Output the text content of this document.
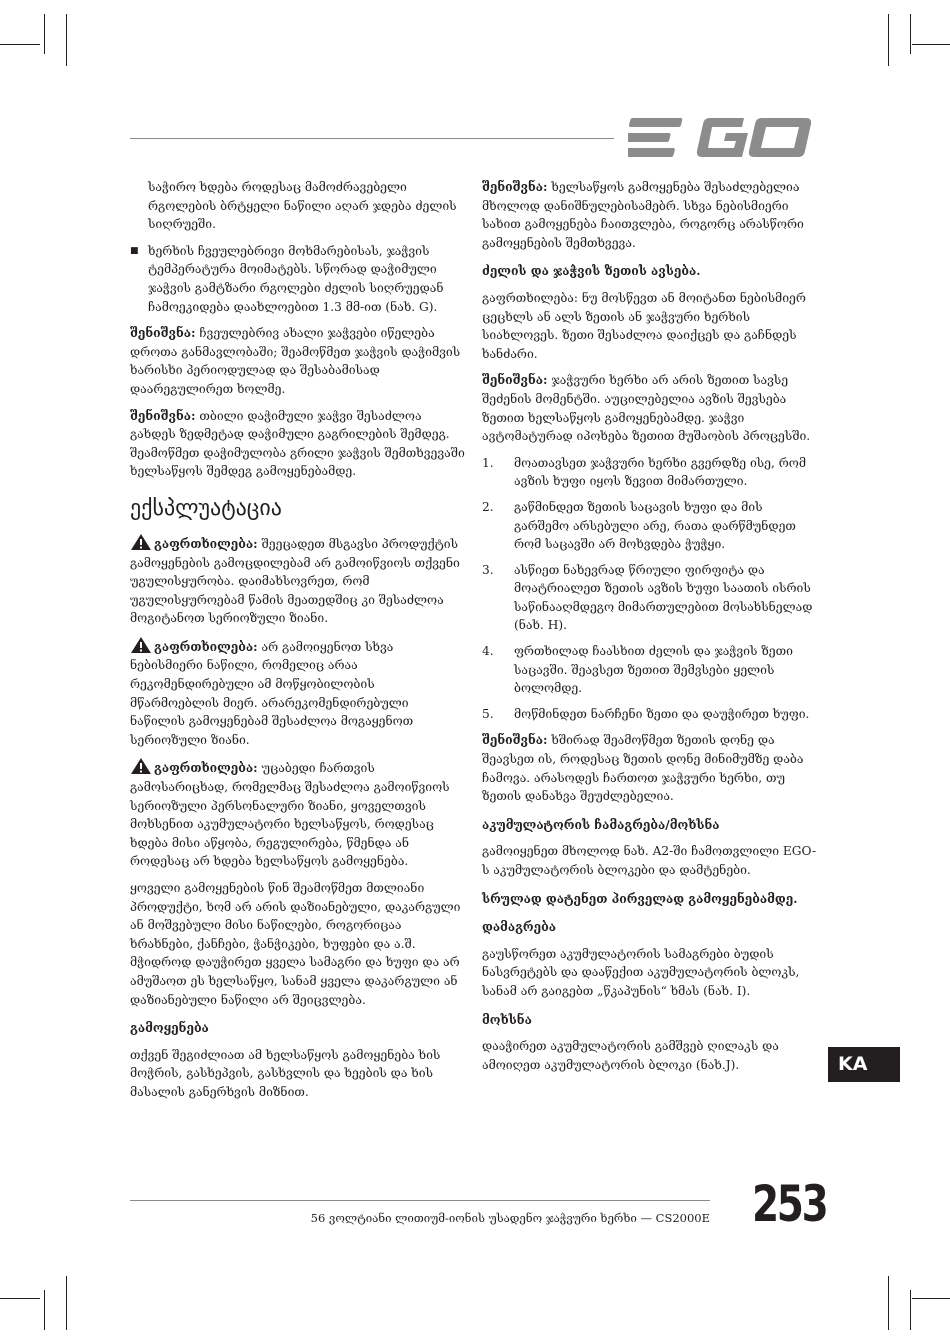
საჭირო ხდება როდესაც მამოძრავებელი რგოლების ბრტყელი ნაწილი აღარ ჯდება ძელის სიღრუეში.

■ ხერხის ჩვეულებრივი მოხმარებისას, ჯაჭვის ტემპერატურა მოიმატებს. სწორად დაჭიმული ჯაჭვის გამტზარი რგოლები ძელის სიღრუედან ჩამოეკიდება დაახლოებით 1.3 მმ-ით (ნახ. G).

შენიშვნა: ჩვეულებრივ ახალი ჯაჭვები იწელება დროთა განმავლობაში; შეამოწმეთ ჯაჭვის დაჭიმვის ხარისხი პერიოდულად და შესაბამისად დაარეგულირეთ ხოლმე.

შენიშვნა: თბილი დაჭიმული ჯაჭვი შესაძლოა გახდეს ზედმეტად დაჭიმული გაგრილების შემდეგ. შეამოწმეთ დაჭიმულობა გრილი ჯაჭვის შემთხვევაში ხელსაწყოს შემდეგ გამოყენებამდე.

ექსპლუატაცია

გაფრთხილება: შეეცადეთ მსგავსი პროდუქტის გამოყენების გამოცდილებამ არ გამოიწვიოს თქვენი უგულისყურობა. დაიმახსოვრეთ, რომ უგულისყუროებამ წამის მეათედშიც კი შესაძლოა მოგიტანოთ სერიოზული ზიანი.

გაფრთხილება: არ გამოიყენოთ სხვა ნებისმიერი ნაწილი, რომელიც არაა რეკომენდირებული ამ მოწყობილობის მწარმოებლის მიერ. არარეკომენდირებული ნაწილის გამოყენებამ შესაძლოა მოგაყენოთ სერიოზული ზიანი.

გაფრთხილება: უცაბედი ჩართვის გამოსარიცხად, რომელმაც შესაძლოა გამოიწვიოს სერიოზული პერსონალური ზიანი, ყოველთვის მოხსენით აკუმულატორი ხელსაწყოს, როდესაც ხდება მისი აწყობა, რეგულირება, წმენდა ან როდესაც არ ხდება ხელსაწყოს გამოყენება.

ყოველი გამოყენების წინ შეამოწმეთ მთლიანი პროდუქტი, ხომ არ არის დაზიანებული, დაკარგული ან მოშვებული მისი ნაწილები, როგორიცაა ხრახნები, ქანჩები, ჭანჭიკები, ხუფები და ა.შ. მჭიდროდ დაუჭირეთ ყველა სამაგრი და ხუფი და არ ამუშაოთ ეს ხელსაწყო, სანამ ყველა დაკარგული ან დაზიანებული ნაწილი არ შეიცვლება.

გამოყენება

თქვენ შეგიძლიათ ამ ხელსაწყოს გამოყენება ხის მოჭრის, გასხეპვის, გასხვლის და ხეების და ხის მასალის განერხვის მიზნით.

შენიშვნა: ხელსაწყოს გამოყენება შესაძლებელია მხოლოდ დანიშნულებისამებრ. სხვა ნებისმიერი სახით გამოყენება ჩაითვლება, როგორც არასწორი გამოყენების შემთხვევა.

ძელის და ჯაჭვის ზეთის ავსება.

გაფრთხილება: ნუ მოსწევთ ან მოიტანთ ნებისმიერ ცეცხლს ან ალს ზეთის ან ჯაჭვური ხერხის სიახლოვეს. ზეთი შესაძლოა დაიქცეს და გაჩნდეს ხანძარი.

შენიშვნა: ჯაჭვური ხერხი არ არის ზეთით სავსე შეძენის მომენტში. აუცილებელია ავზის შევსება ზეთით ხელსაწყოს გამოყენებამდე. ჯაჭვი ავტომატურად იპოხება ზეთით მუშაობის პროცესში.

1. მოათავსეთ ჯაჭვური ხერხი გვერდზე ისე, რომ ავზის ხუფი იყოს ზევით მიმართული.
2. გაწმინდეთ ზეთის საცავის ხუფი და მის გარშემო არსებული არე, რათა დარწმუნდეთ რომ საცავში არ მოხვდება ჭუჭყი.
3. ასწიეთ ნახევრად წრიული ფირფიტა და მოატრიალეთ ზეთის ავზის ხუფი საათის ისრის საწინააღმდეგო მიმართულებით მოსახსნელად (ნახ. H).
4. ფრთხილად ჩაასხით ძელის და ჯაჭვის ზეთი საცავში. შეავსეთ ზეთით შემვსები ყელის ბოლომდე.
5. მოწმინდეთ ნარჩენი ზეთი და დაუჭირეთ ხუფი.

შენიშვნა: ხშირად შეამოწმეთ ზეთის დონე და შეავსეთ ის, როდესაც ზეთის დონე მინიმუმზე დაბა ჩამოვა. არასოდეს ჩართოთ ჯაჭვური ხერხი, თუ ზეთის დანახვა შეუძლებელია.

აკუმულატორის ჩამაგრება/მოხსნა

გამოიყენეთ მხოლოდ ნახ. A2-ში ჩამოთვლილი EGO-ს აკუმულატორის ბლოკები და დამტენები.

სრულად დატენეთ პირველად გამოყენებამდე.
დამაგრება

გაუსწორეთ აკუმულატორის სამაგრები ბუდის ნასვრეტებს და დააწექით აკუმულატორის ბლოკს, სანამ არ გაიგებთ „წკაპუნის“ ხმას (ნახ. I).

მოხსნა

დააჭირეთ აკუმულატორის გამშვებ ღილაკს და ამოიღეთ აკუმულატორის ბლოკი (ნახ.J).	KA
56 ვოლტიანი ლითიუმ-იონის უსადენო ჯაჭვური ხერხი — CS2000E 253
